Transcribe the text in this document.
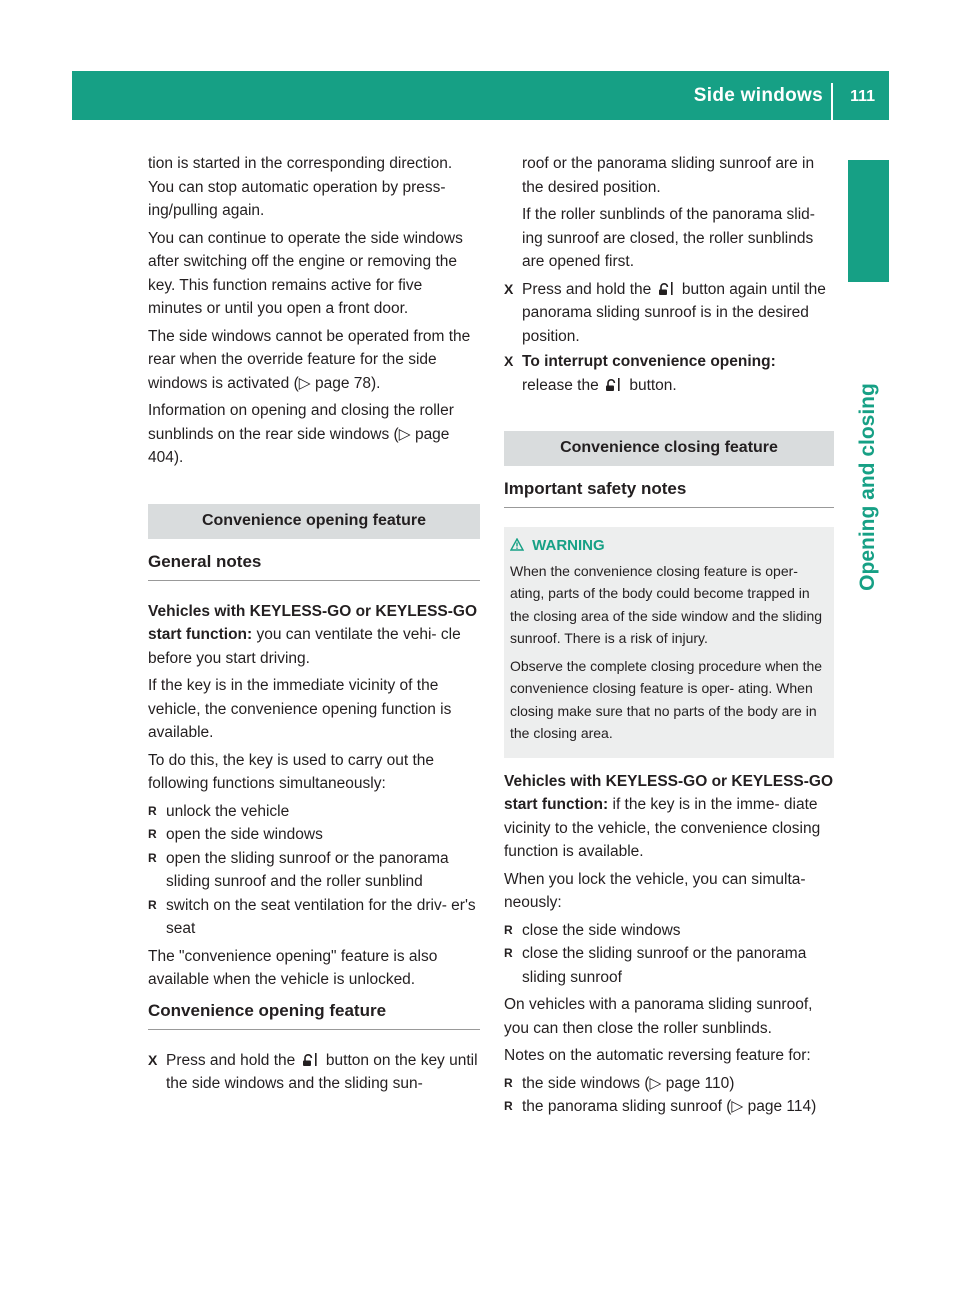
Side windows 111
Opening and closing

tion is started in the corresponding direction. You can stop automatic operation by press- ing/pulling again.

You can continue to operate the side windows after switching off the engine or removing the key. This function remains active for five minutes or until you open a front door.

The side windows cannot be operated from the rear when the override feature for the side windows is activated (▷ page 78).

Information on opening and closing the roller sunblinds on the rear side windows (▷ page 404).

Convenience opening feature
General notes

Vehicles with KEYLESS-GO or KEYLESS-GO start function: you can ventilate the vehi- cle before you start driving.

If the key is in the immediate vicinity of the vehicle, the convenience opening function is available.

To do this, the key is used to carry out the following functions simultaneously:

R unlock the vehicle
R open the side windows
R open the sliding sunroof or the panorama sliding sunroof and the roller sunblind
R switch on the seat ventilation for the driv- er's seat

The "convenience opening" feature is also available when the vehicle is unlocked.

Convenience opening feature
X Press and hold the button on the key until the side windows and the sliding sun-

roof or the panorama sliding sunroof are in the desired position.

If the roller sunblinds of the panorama slid- ing sunroof are closed, the roller sunblinds are opened first.

X Press and hold the button again until the panorama sliding sunroof is in the desired position.
X To interrupt convenience opening:
release the button.
Convenience closing feature
Important safety notes
WARNING

When the convenience closing feature is oper- ating, parts of the body could become trapped in the closing area of the side window and the sliding sunroof. There is a risk of injury.

Observe the complete closing procedure when the convenience closing feature is oper- ating. When closing make sure that no parts of the body are in the closing area.

Vehicles with KEYLESS-GO or KEYLESS-GO start function: if the key is in the imme- diate vicinity to the vehicle, the convenience closing function is available.

When you lock the vehicle, you can simulta- neously:

R close the side windows
R close the sliding sunroof or the panorama sliding sunroof

On vehicles with a panorama sliding sunroof, you can then close the roller sunblinds.

Notes on the automatic reversing feature for:

R the side windows (▷ page 110)
R the panorama sliding sunroof (▷ page 114)
